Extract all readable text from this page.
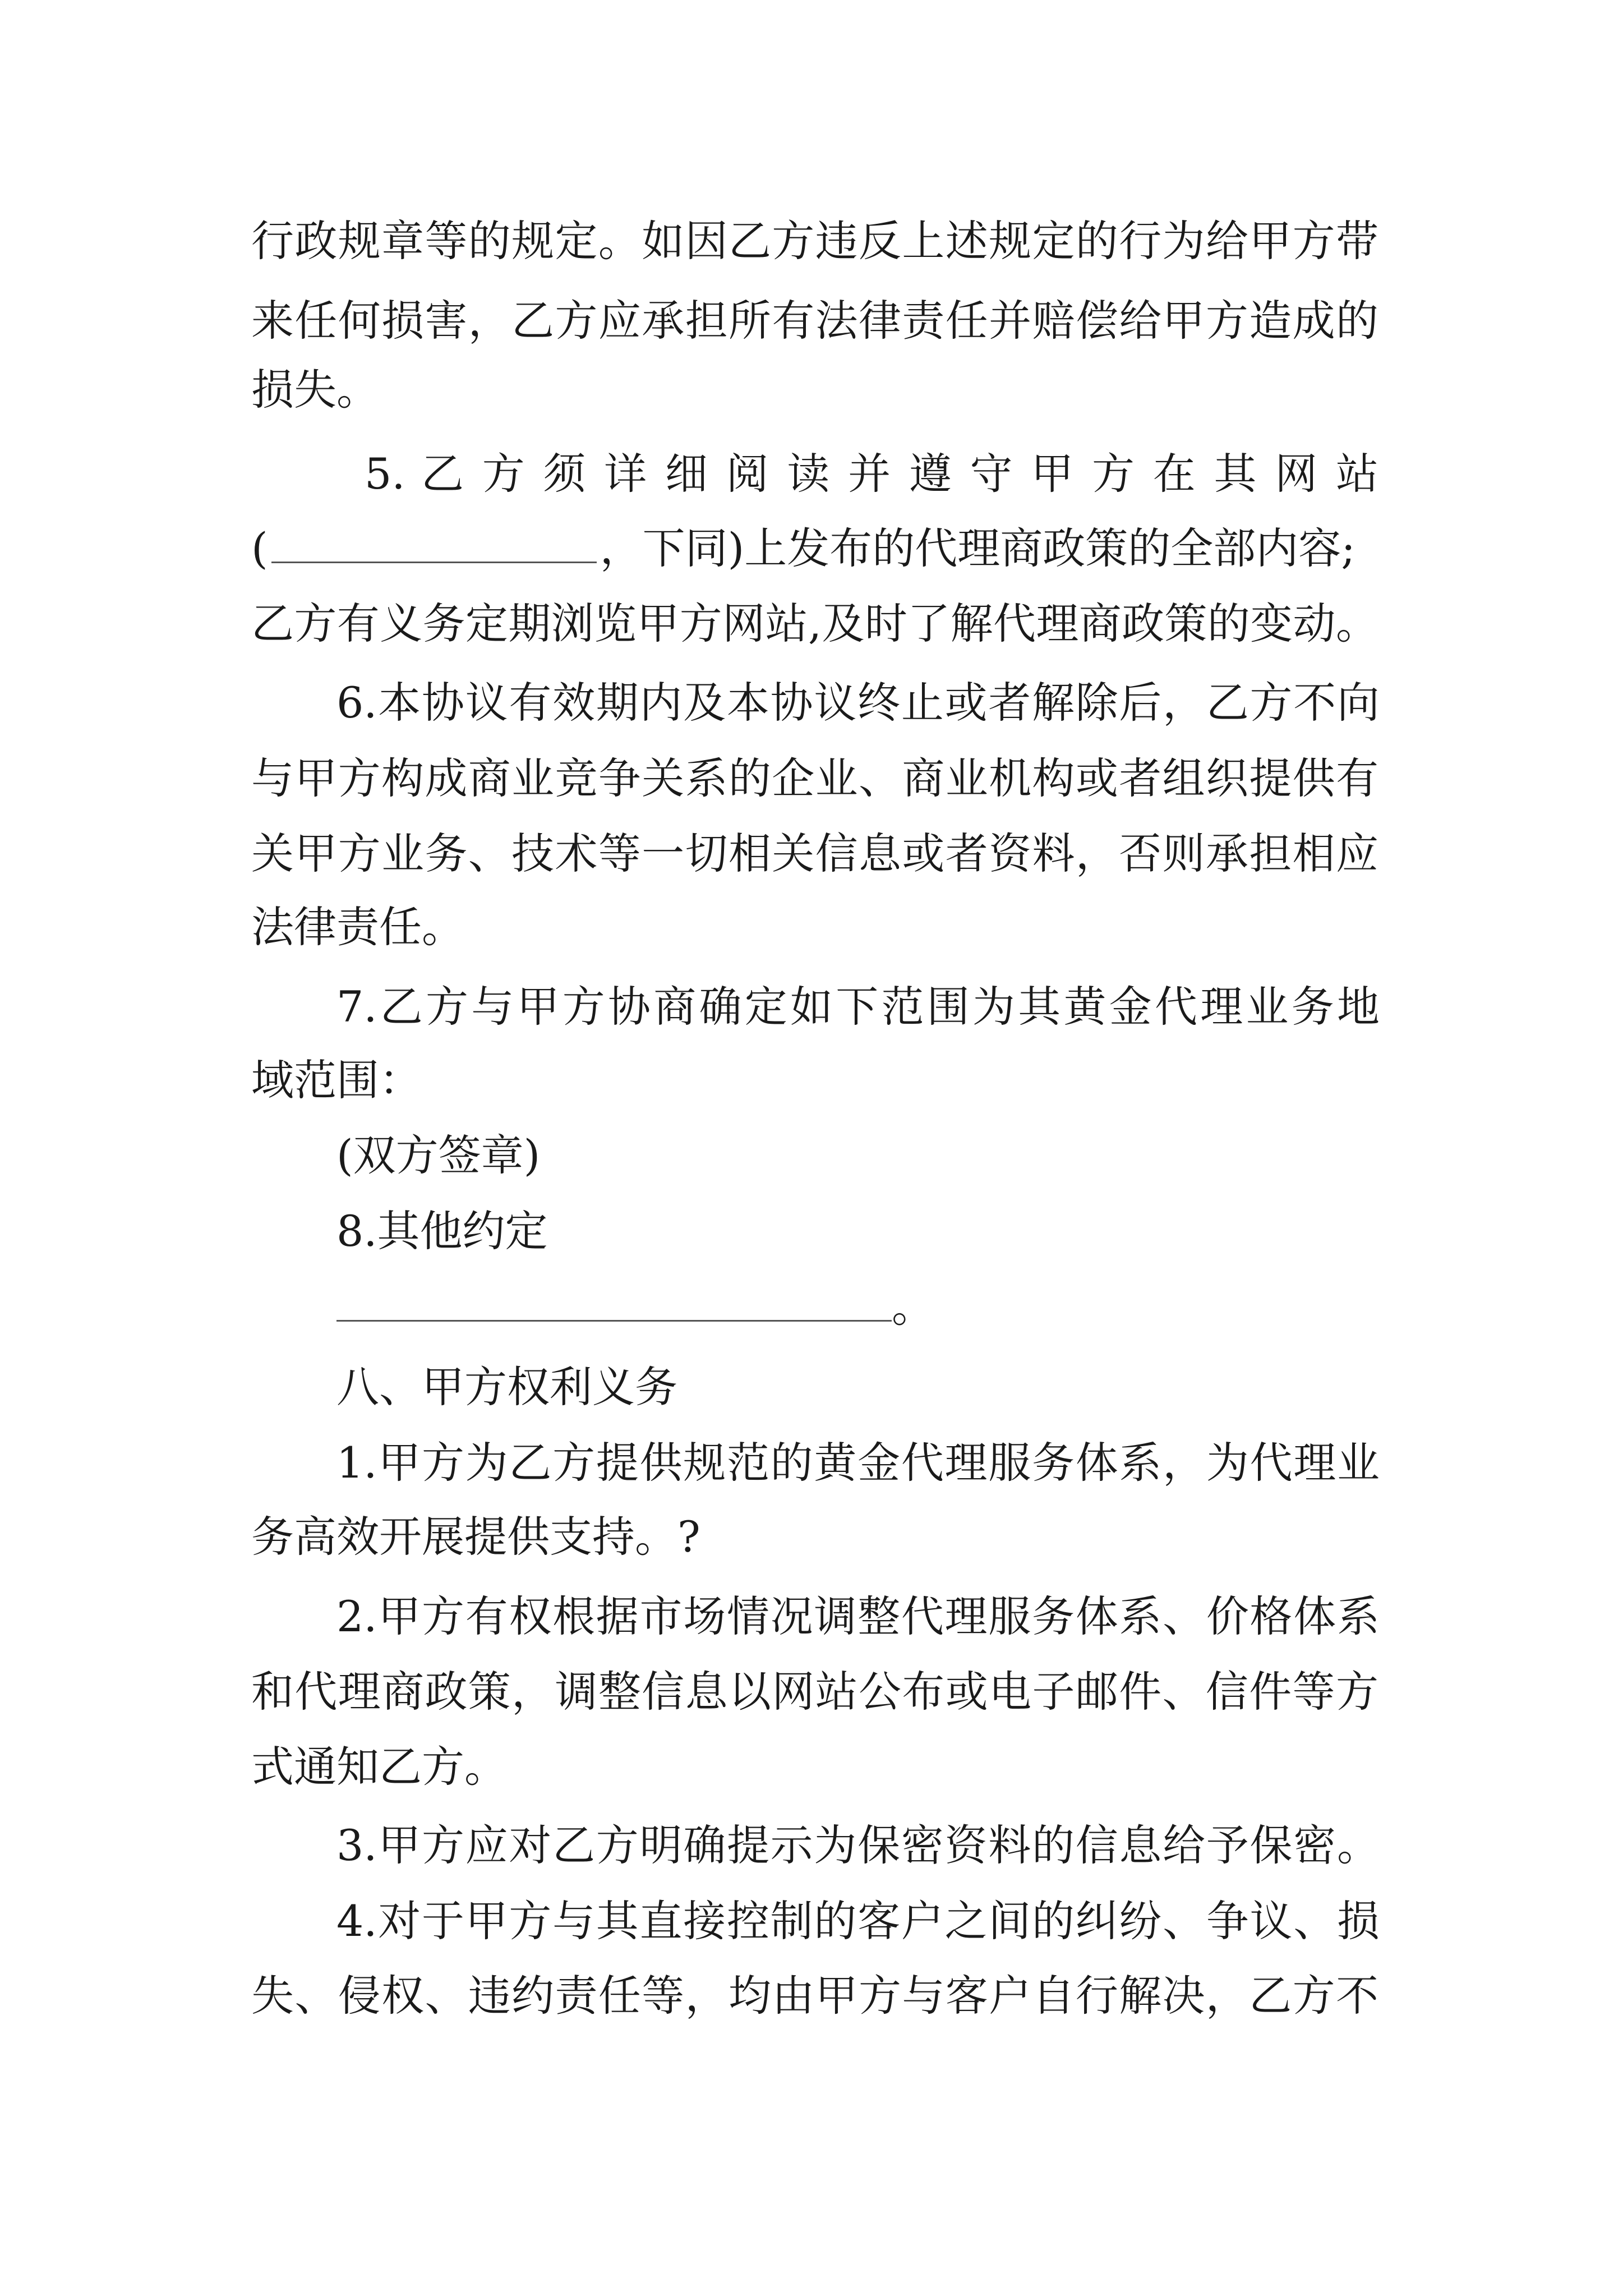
行政规章等的规定。如因乙方违反上述规定的行为给甲方带
来任何损害，乙方应承担所有法律责任并赔偿给甲方造成的
损失。
5. 乙 方 须 详 细 阅 读 并 遵 守 甲 方 在 其 网 站
(	，下同)上发布的代理商政策的全部内容;
乙方有义务定期浏览甲方网站,及时了解代理商政策的变动。
6.本协议有效期内及本协议终止或者解除后，乙方不向
与甲方构成商业竞争关系的企业、商业机构或者组织提供有
关甲方业务、技术等一切相关信息或者资料，否则承担相应
法律责任。
7.乙方与甲方协商确定如下范围为其黄金代理业务地
域范围：
(双方签章)
8.其他约定
。
八、甲方权利义务
1.甲方为乙方提供规范的黄金代理服务体系，为代理业
务高效开展提供支持。?
2.甲方有权根据市场情况调整代理服务体系、价格体系
和代理商政策，调整信息以网站公布或电子邮件、信件等方
式通知乙方。
3.甲方应对乙方明确提示为保密资料的信息给予保密。
4.对于甲方与其直接控制的客户之间的纠纷、争议、损
失、侵权、违约责任等，均由甲方与客户自行解决，乙方不
